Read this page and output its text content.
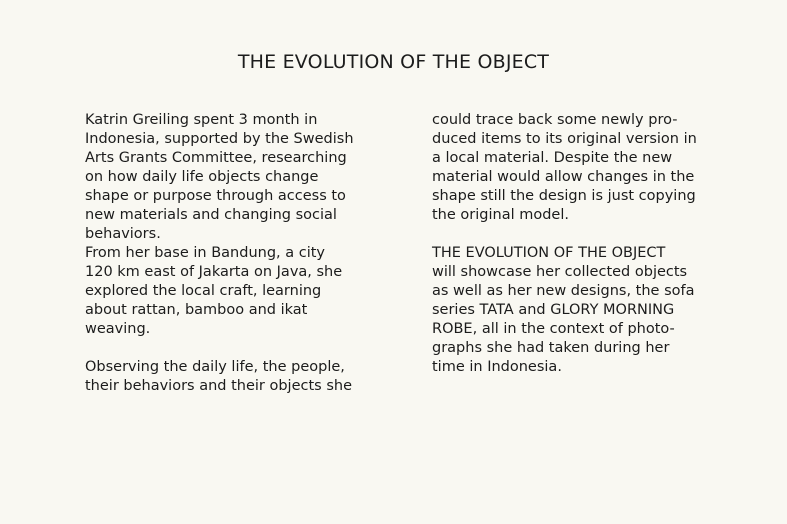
THE EVOLUTION OF THE OBJECT
Katrin Greiling spent 3 month in
Indonesia, supported by the Swedish
Arts Grants Committee, researching
on how daily life objects change
shape or purpose through access to
new materials and changing social
behaviors.
From her base in Bandung, a city
120 km east of Jakarta on Java, she
explored the local craft, learning
about rattan, bamboo and ikat
weaving.
Observing the daily life, the people,
their behaviors and their objects she
could trace back some newly pro-
duced items to its original version in
a local material. Despite the new
material would allow changes in the
shape still the design is just copying
the original model.
THE EVOLUTION OF THE OBJECT
will showcase her collected objects
as well as her new designs, the sofa
series TATA and GLORY MORNING
ROBE, all in the context of photo-
graphs she had taken during her
time in Indonesia.
